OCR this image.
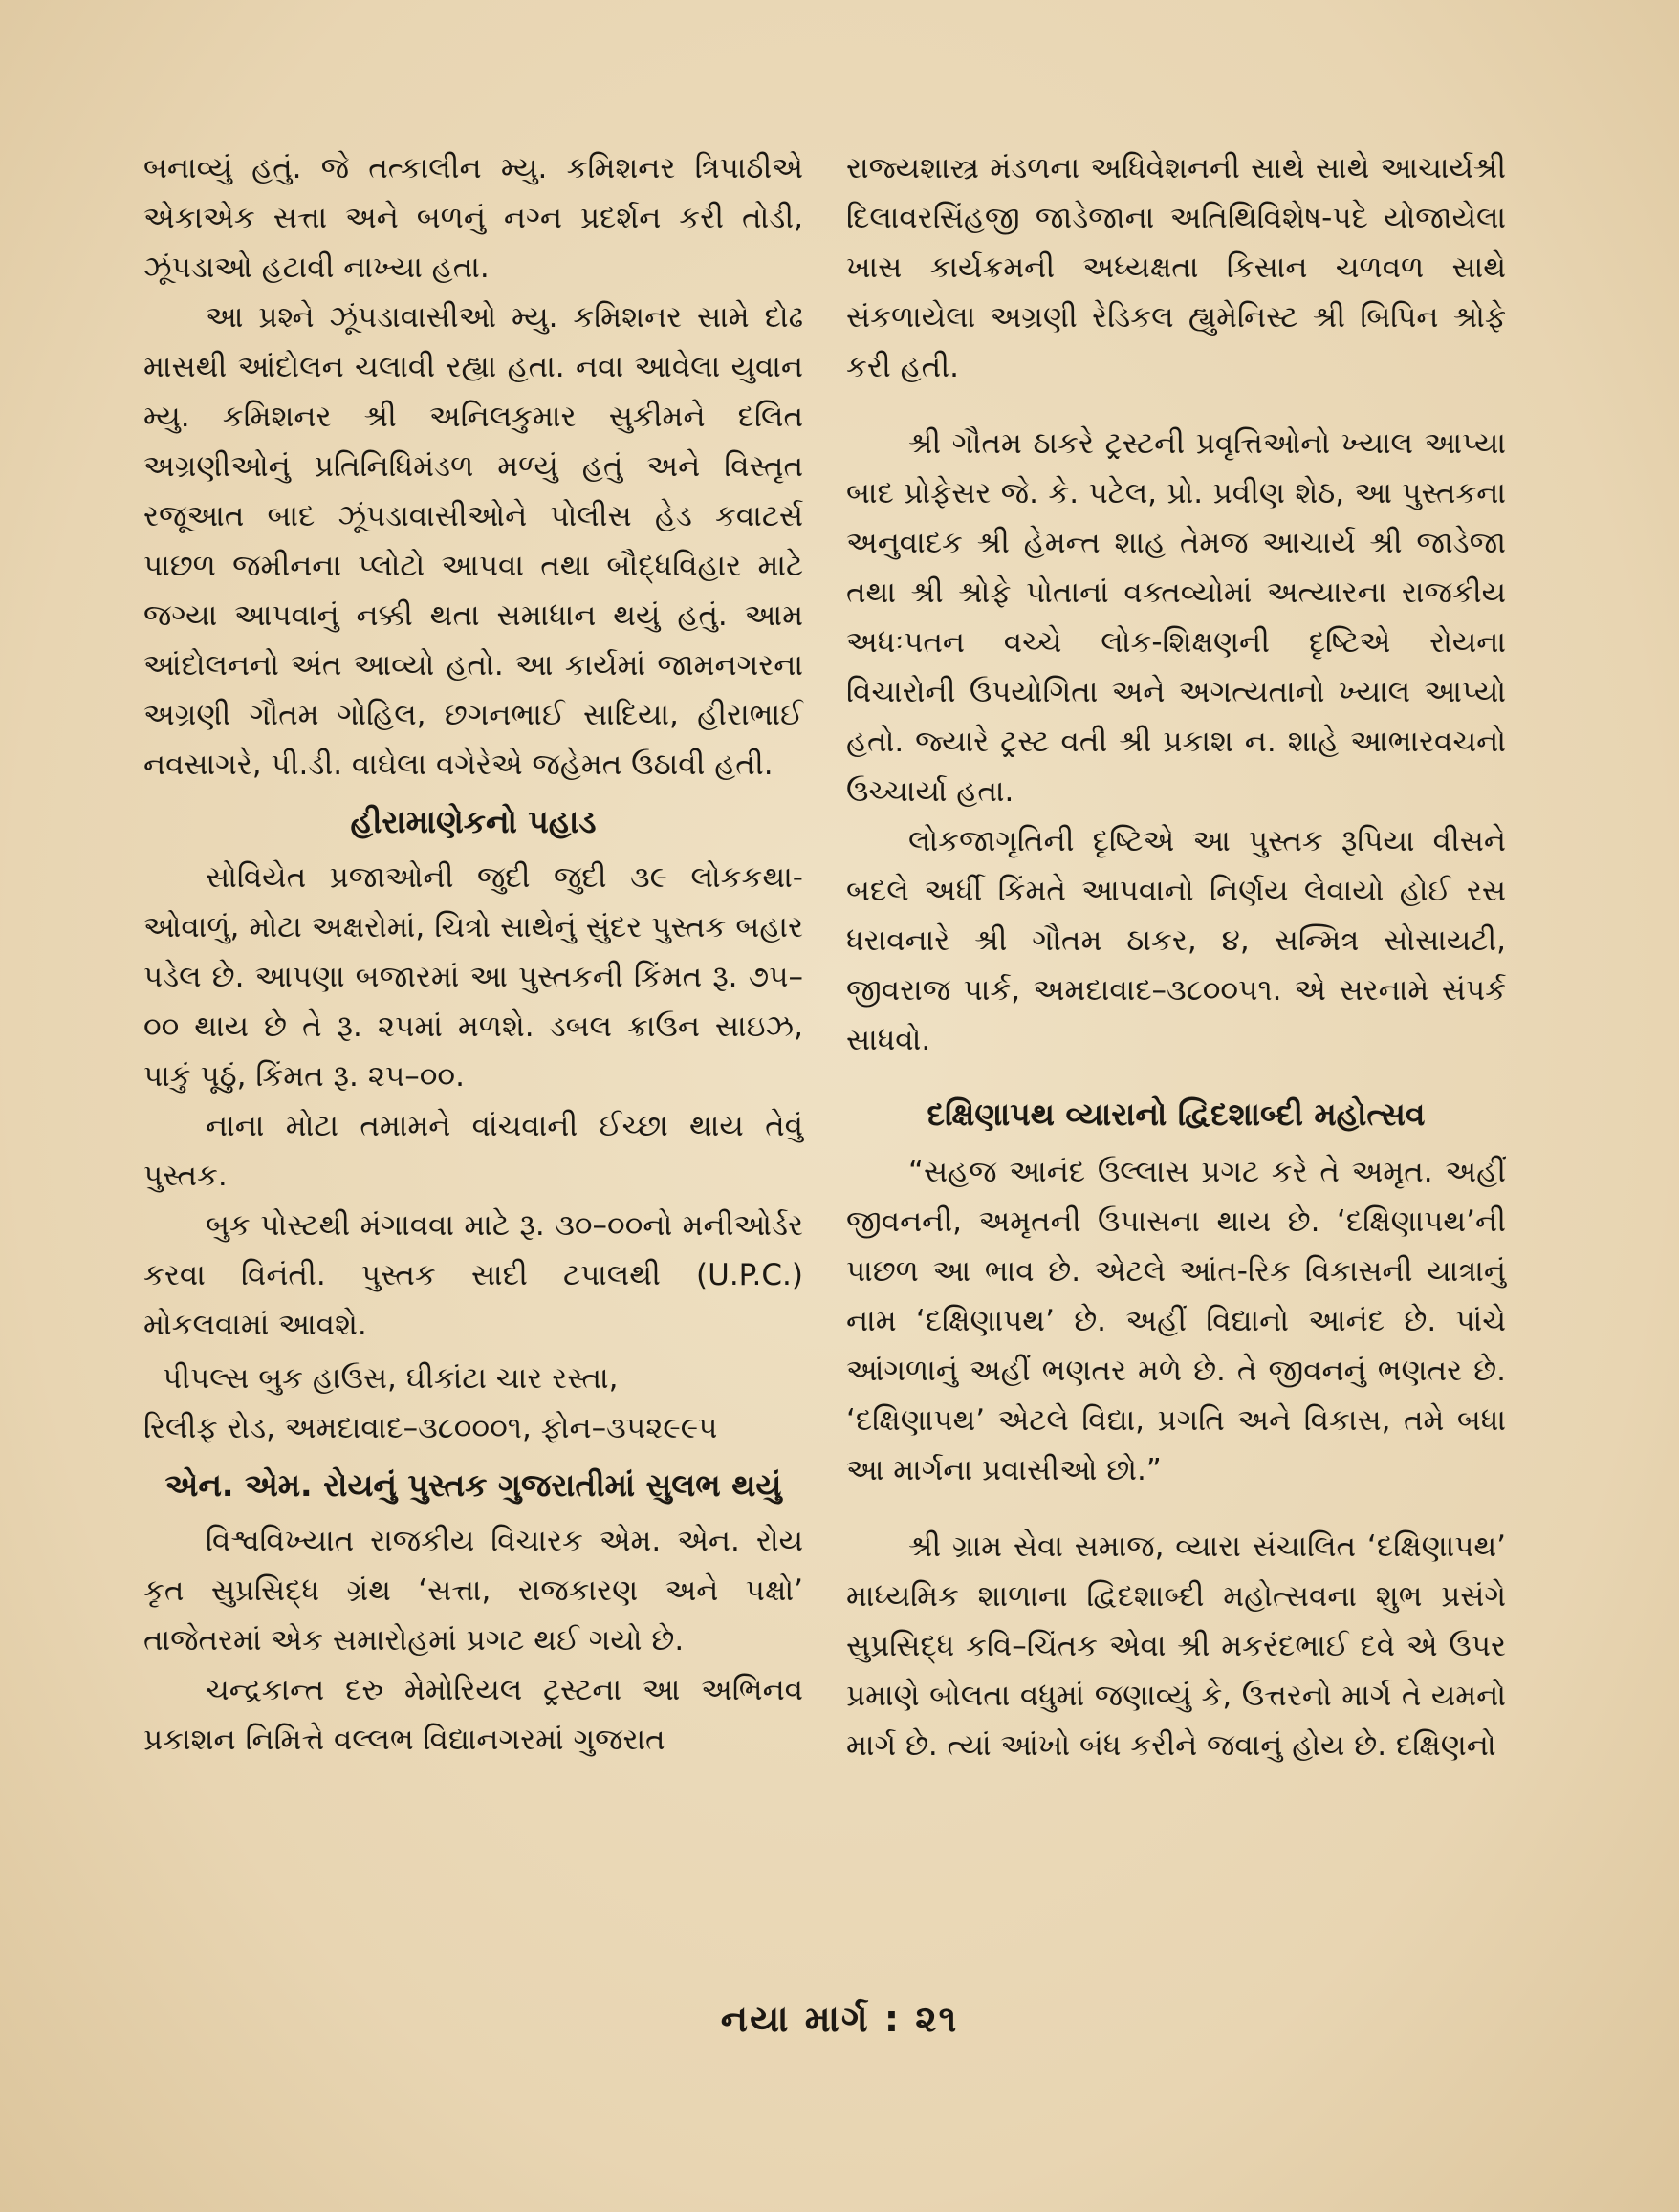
બનાવ્યું હતું. જે તત્કાલીન મ્યુ. કમિશનર ત્રિપાઠીએ એકાએક સત્તા અને બળનું નગ્ન પ્રદર્શન કરી તોડી, ઝૂંપડાઓ હટાવી નાખ્યા હતા.

આ પ્રશ્ને ઝૂંપડાવાસીઓ મ્યુ. કમિશનર સામે દોઢ માસથી આંદોલન ચલાવી રહ્યા હતા. નવા આવેલા યુવાન મ્યુ. કમિશનર શ્રી અનિલકુમાર સુકીમને દલિત અગ્રણીઓનું પ્રતિનિધિમંડળ મળ્યું હતું અને વિસ્તૃત રજૂઆત બાદ ઝૂંપડાવાસીઓને પોલીસ હેડ કવાટર્સ પાછળ જમીનના પ્લોટો આપવા તથા બૌદ્ધવિહાર માટે જગ્યા આપવાનું નક્કી થતા સમાધાન થયું હતું. આમ આંદોલનનો અંત આવ્યો હતો. આ કાર્યમાં જામનગરના અગ્રણી ગૌતમ ગોહિલ, છગનભાઈ સાદિયા, હીરાભાઈ નવસાગરે, પી.ડી. વાઘેલા વગેરેએ જહેમત ઉઠાવી હતી.

હીરામાણેકનો પહાડ

સોવિયેત પ્રજાઓની જુદી જુદી ૩૯ લોકકથા-ઓવાળું, મોટા અક્ષરોમાં, ચિત્રો સાથેનું સુંદર પુસ્તક બહાર પડેલ છે. આપણા બજારમાં આ પુસ્તકની કિંમત રૂ. ૭૫–૦૦ થાય છે તે રૂ. ૨૫માં મળશે. ડબલ ક્રાઉન સાઇઝ, પાકું પૂઠું, કિંમત રૂ. ૨૫–૦૦.

નાના મોટા તમામને વાંચવાની ઈચ્છા થાય તેવું પુસ્તક.

બુક પોસ્ટથી મંગાવવા માટે રૂ. ૩૦–૦૦નો મનીઓર્ડર કરવા વિનંતી. પુસ્તક સાદી ટપાલથી (U.P.C.) મોકલવામાં આવશે.

પીપલ્સ બુક હાઉસ, ઘીકાંટા ચાર રસ્તા,

રિલીફ રોડ, અમદાવાદ–૩૮૦૦૦૧, ફોન–૩૫૨૯૯૫

એન. એમ. રોયનું પુસ્તક ગુજરાતીમાં સુલભ થયું

વિશ્વવિખ્યાત રાજકીય વિચારક એમ. એન. રોય કૃત સુપ્રસિદ્ધ ગ્રંથ ‘સત્તા, રાજકારણ અને પક્ષો’ તાજેતરમાં એક સમારોહમાં પ્રગટ થઈ ગયો છે.

ચન્દ્રકાન્ત દરુ મેમોરિયલ ટ્રસ્ટના આ અભિનવ પ્રકાશન નિમિત્તે વલ્લભ વિદ્યાનગરમાં ગુજરાત

રાજ્યશાસ્ત્ર મંડળના અધિવેશનની સાથે સાથે આચાર્યશ્રી દિલાવરસિંહજી જાડેજાના અતિથિવિશેષ-પદે યોજાયેલા ખાસ કાર્યક્રમની અધ્યક્ષતા કિસાન ચળવળ સાથે સંકળાયેલા અગ્રણી રેડિકલ હ્યુમેનિસ્ટ શ્રી બિપિન શ્રોફે કરી હતી.

શ્રી ગૌતમ ઠાકરે ટ્રસ્ટની પ્રવૃત્તિઓનો ખ્યાલ આપ્યા બાદ પ્રોફેસર જે. કે. પટેલ, પ્રો. પ્રવીણ શેઠ, આ પુસ્તકના અનુવાદક શ્રી હેમન્ત શાહ તેમજ આચાર્ય શ્રી જાડેજા તથા શ્રી શ્રોફે પોતાનાં વક્તવ્યોમાં અત્યારના રાજકીય અધઃપતન વચ્ચે લોક-શિક્ષણની દૃષ્ટિએ રોયના વિચારોની ઉપયોગિતા અને અગત્યતાનો ખ્યાલ આપ્યો હતો. જ્યારે ટ્રસ્ટ વતી શ્રી પ્રકાશ ન. શાહે આભારવચનો ઉચ્ચાર્યા હતા.

લોકજાગૃતિની દૃષ્ટિએ આ પુસ્તક રૂપિયા વીસને બદલે અર્ધી કિંમતે આપવાનો નિર્ણય લેવાયો હોઈ રસ ધરાવનારે શ્રી ગૌતમ ઠાકર, ૪, સન્મિત્ર સોસાયટી, જીવરાજ પાર્ક, અમદાવાદ–૩૮૦૦૫૧. એ સરનામે સંપર્ક સાધવો.

દક્ષિણાપથ વ્યારાનો દ્વિદશાબ્દી મહોત્સવ

“સહજ આનંદ ઉલ્લાસ પ્રગટ કરે તે અમૃત. અહીં જીવનની, અમૃતની ઉપાસના થાય છે. ‘દક્ષિણાપથ’ની પાછળ આ ભાવ છે. એટલે આંત-રિક વિકાસની યાત્રાનું નામ ‘દક્ષિણાપથ’ છે. અહીં વિદ્યાનો આનંદ છે. પાંચે આંગળાનું અહીં ભણતર મળે છે. તે જીવનનું ભણતર છે. ‘દક્ષિણાપથ’ એટલે વિદ્યા, પ્રગતિ અને વિકાસ, તમે બધા આ માર્ગના પ્રવાસીઓ છો.”

શ્રી ગ્રામ સેવા સમાજ, વ્યારા સંચાલિત ‘દક્ષિણાપથ’ માધ્યમિક શાળાના દ્વિદશાબ્દી મહોત્સવના શુભ પ્રસંગે સુપ્રસિદ્ધ કવિ–ચિંતક એવા શ્રી મકરંદભાઈ દવે એ ઉપર પ્રમાણે બોલતા વધુમાં જણાવ્યું કે, ઉત્તરનો માર્ગ તે યમનો માર્ગ છે. ત્યાં આંખો બંધ કરીને જવાનું હોય છે. દક્ષિણનો

નયા માર્ગ : ૨૧
